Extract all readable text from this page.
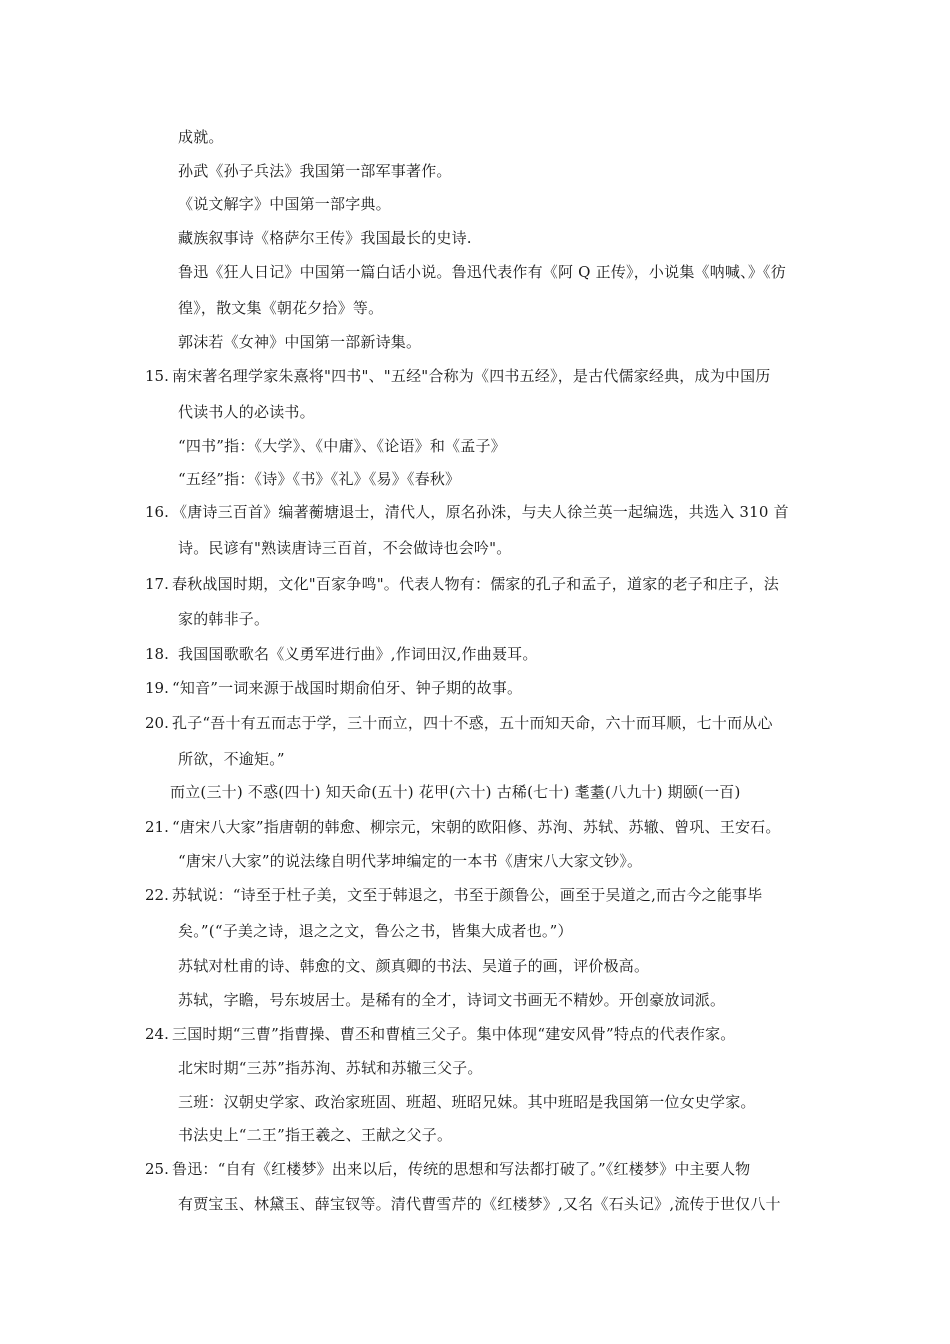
成就。
孙武《孙子兵法》我国第一部军事著作。
《说文解字》中国第一部字典。
藏族叙事诗《格萨尔王传》我国最长的史诗.
鲁迅《狂人日记》中国第一篇白话小说。鲁迅代表作有《阿 Q 正传》，小说集《呐喊、》《彷
徨》，散文集《朝花夕拾》等。
郭沫若《女神》中国第一部新诗集。
15. 南宋著名理学家朱熹将"四书"、"五经"合称为《四书五经》，是古代儒家经典，成为中国历
代读书人的必读书。
“四书”指：《大学》、《中庸》、《论语》和《孟子》
“五经”指：《诗》《书》《礼》《易》《春秋》
16. 《唐诗三百首》编著蘅塘退士，清代人，原名孙洙，与夫人徐兰英一起编选，共选入 310 首
诗。民谚有"熟读唐诗三百首，不会做诗也会吟"。
17. 春秋战国时期，文化"百家争鸣"。代表人物有：儒家的孔子和孟子，道家的老子和庄子，法
家的韩非子。
18. 我国国歌歌名《义勇军进行曲》,作词田汉,作曲聂耳。
19. “知音”一词来源于战国时期俞伯牙、钟子期的故事。
20. 孔子“吾十有五而志于学，三十而立，四十不惑，五十而知天命，六十而耳顺，七十而从心
所欲，不逾矩。”
而立(三十) 不惑(四十) 知天命(五十) 花甲(六十) 古稀(七十) 耄耋(八九十) 期颐(一百)
21. “唐宋八大家”指唐朝的韩愈、柳宗元，宋朝的欧阳修、苏洵、苏轼、苏辙、曾巩、王安石。
“唐宋八大家”的说法缘自明代茅坤编定的一本书《唐宋八大家文钞》。
22. 苏轼说：“诗至于杜子美，文至于韩退之，书至于颜鲁公，画至于吴道之,而古今之能事毕
矣。”(“子美之诗，退之之文，鲁公之书，皆集大成者也。”）
苏轼对杜甫的诗、韩愈的文、颜真卿的书法、吴道子的画，评价极高。
苏轼，字瞻，号东坡居士。是稀有的全才，诗词文书画无不精妙。开创豪放词派。
24. 三国时期“三曹”指曹操、曹丕和曹植三父子。集中体现“建安风骨”特点的代表作家。
北宋时期“三苏”指苏洵、苏轼和苏辙三父子。
三班：汉朝史学家、政治家班固、班超、班昭兄妹。其中班昭是我国第一位女史学家。
书法史上“二王”指王羲之、王献之父子。
25. 鲁迅：“自有《红楼梦》出来以后，传统的思想和写法都打破了。”《红楼梦》中主要人物
有贾宝玉、林黛玉、薛宝钗等。清代曹雪芹的《红楼梦》,又名《石头记》,流传于世仅八十
